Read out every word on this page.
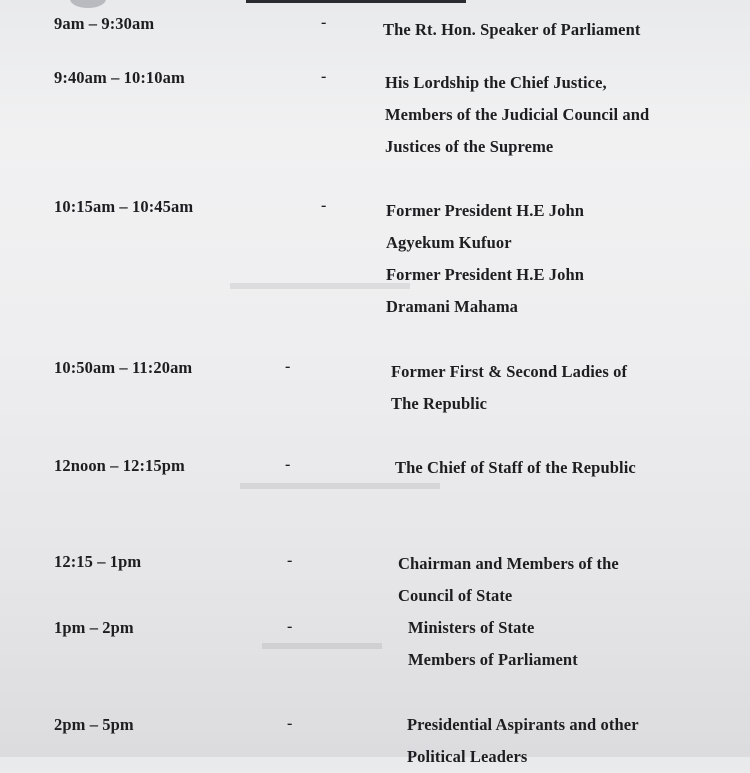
▬▬▬▬▬▬▬▬▬
▬▬▬▬▬▬▬▬▬▬
▬▬▬▬▬▬
9am – 9:30am	-	The Rt. Hon. Speaker of Parliament
9:40am – 10:10am	-	His Lordship the Chief Justice,
Members of the Judicial Council and
Justices of the Supreme
10:15am – 10:45am	-	Former President H.E John
Agyekum Kufuor
Former President H.E John
Dramani Mahama
10:50am – 11:20am	-	Former First & Second Ladies of
The Republic
12noon – 12:15pm	-	The Chief of Staff of the Republic
12:15 – 1pm	-	Chairman and Members of the
Council of State
1pm – 2pm	-	Ministers of State
Members of Parliament
2pm – 5pm	-	Presidential Aspirants and other
Political Leaders
